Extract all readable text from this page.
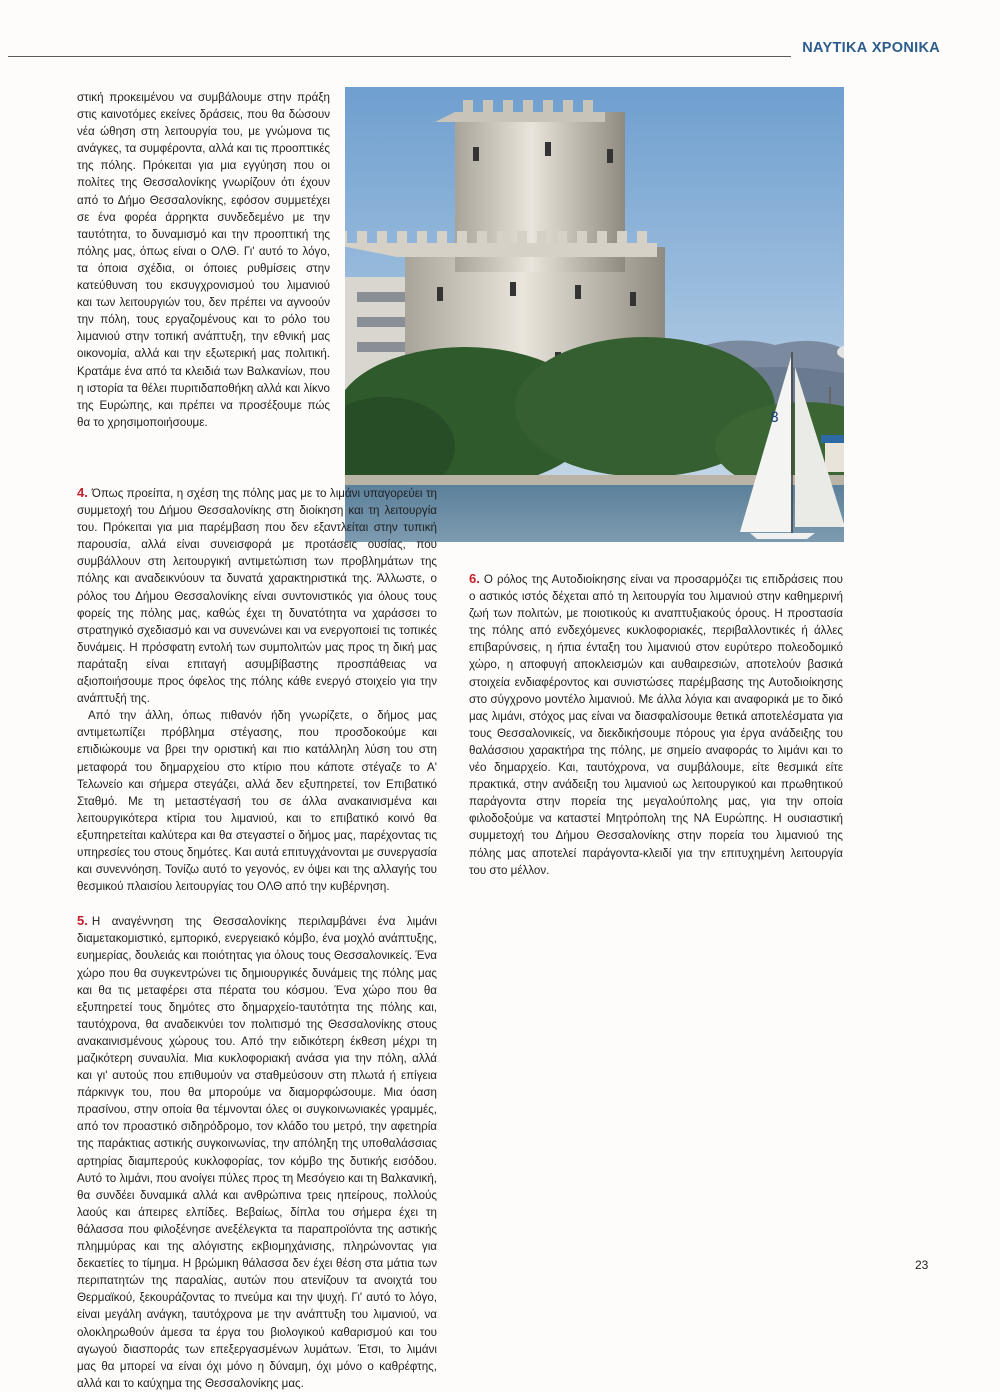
ΝΑΥΤΙΚΑ ΧΡΟΝΙΚΑ

στική προκειμένου να συμβάλουμε στην πράξη στις καινοτόμες εκείνες δράσεις, που θα δώσουν νέα ώθηση στη λειτουργία του, με γνώμονα τις ανάγκες, τα συμφέροντα, αλλά και τις προοπτικές της πόλης. Πρόκειται για μια εγγύηση που οι πολίτες της Θεσσαλονίκης γνωρίζουν ότι έχουν από το Δήμο Θεσσαλονίκης, εφόσον συμμετέχει σε ένα φορέα άρρηκτα συνδεδεμένο με την ταυτότητα, το δυναμισμό και την προοπτική της πόλης μας, όπως είναι ο ΟΛΘ. Γι' αυτό το λόγο, τα όποια σχέδια, οι όποιες ρυθμίσεις στην κατεύθυνση του εκσυγχρονισμού του λιμανιού και των λειτουργιών του, δεν πρέπει να αγνοούν την πόλη, τους εργαζομένους και το ρόλο του λιμανιού στην τοπική ανάπτυξη, την εθνική μας οικονομία, αλλά και την εξωτερική μας πολιτική. Κρατάμε ένα από τα κλειδιά των Βαλκανίων, που η ιστορία τα θέλει πυριτιδαποθήκη αλλά και λίκνο της Ευρώπης, και πρέπει να προσέξουμε πώς θα το χρησιμοποιήσουμε.	8

4. Όπως προείπα, η σχέση της πόλης μας με το λιμάνι υπαγορεύει τη συμμετοχή του Δήμου Θεσσαλονίκης στη διοίκηση και τη λειτουργία του. Πρόκειται για μια παρέμβαση που δεν εξαντλείται στην τυπική παρουσία, αλλά είναι συνεισφορά με προτάσεις ουσίας, που συμβάλλουν στη λειτουργική αντιμετώπιση των προβλημάτων της πόλης και αναδεικνύουν τα δυνατά χαρακτηριστικά της. Άλλωστε, ο ρόλος του Δήμου Θεσσαλονίκης είναι συντονιστικός για όλους τους φορείς της πόλης μας, καθώς έχει τη δυνατότητα να χαράσσει το στρατηγικό σχεδιασμό και να συνενώνει και να ενεργοποιεί τις τοπικές δυνάμεις. Η πρόσφατη εντολή των συμπολιτών μας προς τη δική μας παράταξη είναι επιταγή ασυμβίβαστης προσπάθειας να αξιοποιήσουμε προς όφελος της πόλης κάθε ενεργό στοιχείο για την ανάπτυξή της.

Από την άλλη, όπως πιθανόν ήδη γνωρίζετε, ο δήμος μας αντιμετωπίζει πρόβλημα στέγασης, που προσδοκούμε και επιδιώκουμε να βρει την οριστική και πιο κατάλληλη λύση του στη μεταφορά του δημαρχείου στο κτίριο που κάποτε στέγαζε το Α' Τελωνείο και σήμερα στεγάζει, αλλά δεν εξυπηρετεί, τον Επιβατικό Σταθμό. Με τη μεταστέγασή του σε άλλα ανακαινισμένα και λειτουργικότερα κτίρια του λιμανιού, και το επιβατικό κοινό θα εξυπηρετείται καλύτερα και θα στεγαστεί ο δήμος μας, παρέχοντας τις υπηρεσίες του στους δημότες. Και αυτά επιτυγχάνονται με συνεργασία και συνεννόηση. Τονίζω αυτό το γεγονός, εν όψει και της αλλαγής του θεσμικού πλαισίου λειτουργίας του ΟΛΘ από την κυβέρνηση.

5. Η αναγέννηση της Θεσσαλονίκης περιλαμβάνει ένα λιμάνι διαμετακομιστικό, εμπορικό, ενεργειακό κόμβο, ένα μοχλό ανάπτυξης, ευημερίας, δουλειάς και ποιότητας για όλους τους Θεσσαλονικείς. Ένα χώρο που θα συγκεντρώνει τις δημιουργικές δυνάμεις της πόλης μας και θα τις μεταφέρει στα πέρατα του κόσμου. Ένα χώρο που θα εξυπηρετεί τους δημότες στο δημαρχείο-ταυτότητα της πόλης και, ταυτόχρονα, θα αναδεικνύει τον πολιτισμό της Θεσσαλονίκης στους ανακαινισμένους χώρους του. Από την ειδικότερη έκθεση μέχρι τη μαζικότερη συναυλία. Μια κυκλοφοριακή ανάσα για την πόλη, αλλά και γι' αυτούς που επιθυμούν να σταθμεύσουν στη πλωτά ή επίγεια πάρκινγκ του, που θα μπορούμε να διαμορφώσουμε. Μια όαση πρασίνου, στην οποία θα τέμνονται όλες οι συγκοινωνιακές γραμμές, από τον προαστικό σιδηρόδρομο, τον κλάδο του μετρό, την αφετηρία της παράκτιας αστικής συγκοινωνίας, την απόληξη της υποθαλάσσιας αρτηρίας διαμπερούς κυκλοφορίας, τον κόμβο της δυτικής εισόδου. Αυτό το λιμάνι, που ανοίγει πύλες προς τη Μεσόγειο και τη Βαλκανική, θα συνδέει δυναμικά αλλά και ανθρώπινα τρεις ηπείρους, πολλούς λαούς και άπειρες ελπίδες. Βεβαίως, δίπλα του σήμερα έχει τη θάλασσα που φιλοξένησε ανεξέλεγκτα τα παραπροϊόντα της αστικής πλημμύρας και της αλόγιστης εκβιομηχάνισης, πληρώνοντας για δεκαετίες το τίμημα. Η βρώμικη θάλασσα δεν έχει θέση στα μάτια των περιπατητών της παραλίας, αυτών που ατενίζουν τα ανοιχτά του Θερμαϊκού, ξεκουράζοντας το πνεύμα και την ψυχή. Γι' αυτό το λόγο, είναι μεγάλη ανάγκη, ταυτόχρονα με την ανάπτυξη του λιμανιού, να ολοκληρωθούν άμεσα τα έργα του βιολογικού καθαρισμού και του αγωγού διασποράς των επεξεργασμένων λυμάτων. Έτσι, το λιμάνι μας θα μπορεί να είναι όχι μόνο η δύναμη, όχι μόνο ο καθρέφτης, αλλά και το καύχημα της Θεσσαλονίκης μας.

6. Ο ρόλος της Αυτοδιοίκησης είναι να προσαρμόζει τις επιδράσεις που ο αστικός ιστός δέχεται από τη λειτουργία του λιμανιού στην καθημερινή ζωή των πολιτών, με ποιοτικούς κι αναπτυξιακούς όρους. Η προστασία της πόλης από ενδεχόμενες κυκλοφοριακές, περιβαλλοντικές ή άλλες επιβαρύνσεις, η ήπια ένταξη του λιμανιού στον ευρύτερο πολεοδομικό χώρο, η αποφυγή αποκλεισμών και αυθαιρεσιών, αποτελούν βασικά στοιχεία ενδιαφέροντος και συνιστώσες παρέμβασης της Αυτοδιοίκησης στο σύγχρονο μοντέλο λιμανιού. Με άλλα λόγια και αναφορικά με το δικό μας λιμάνι, στόχος μας είναι να διασφαλίσουμε θετικά αποτελέσματα για τους Θεσσαλονικείς, να διεκδικήσουμε πόρους για έργα ανάδειξης του θαλάσσιου χαρακτήρα της πόλης, με σημείο αναφοράς το λιμάνι και το νέο δημαρχείο. Και, ταυτόχρονα, να συμβάλουμε, είτε θεσμικά είτε πρακτικά, στην ανάδειξη του λιμανιού ως λειτουργικού και πρωθητικού παράγοντα στην πορεία της μεγαλούπολης μας, για την οποία φιλοδοξούμε να καταστεί Μητρόπολη της ΝΑ Ευρώπης. Η ουσιαστική συμμετοχή του Δήμου Θεσσαλονίκης στην πορεία του λιμανιού της πόλης μας αποτελεί παράγοντα-κλειδί για την επιτυχημένη λειτουργία του στο μέλλον.

23
